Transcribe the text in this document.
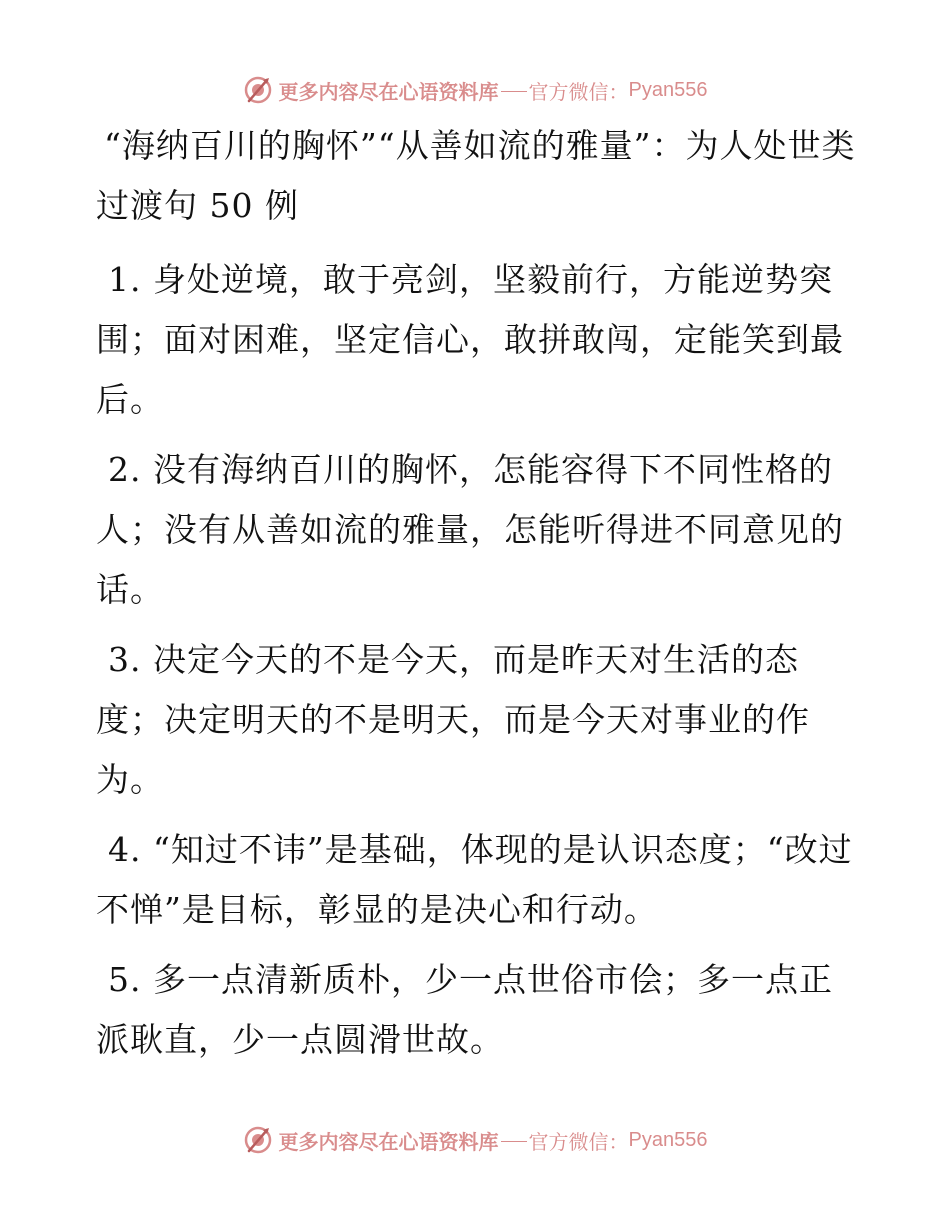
更多内容尽在心语资料库 官方微信： Pyan556
“海纳百川的胸怀”“从善如流的雅量”：为人处世类过渡句 50 例
1. 身处逆境，敢于亮剑，坚毅前行，方能逆势突围；面对困难，坚定信心，敢拼敢闯，定能笑到最后。
2. 没有海纳百川的胸怀，怎能容得下不同性格的人；没有从善如流的雅量，怎能听得进不同意见的话。
3. 决定今天的不是今天，而是昨天对生活的态度；决定明天的不是明天，而是今天对事业的作为。
4. “知过不讳”是基础，体现的是认识态度；“改过不惮”是目标，彰显的是决心和行动。
5. 多一点清新质朴，少一点世俗市侩；多一点正派耿直，少一点圆滑世故。
更多内容尽在心语资料库 官方微信： Pyan556
